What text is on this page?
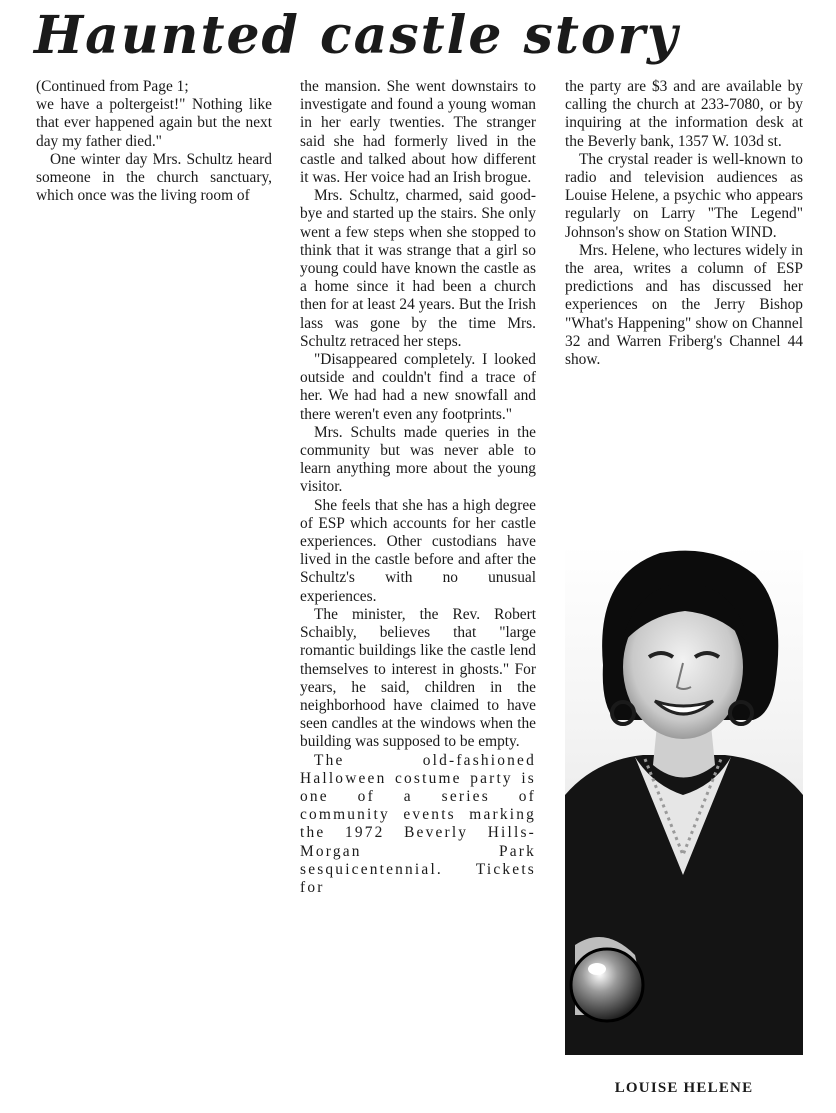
Haunted castle story

(Continued from Page 1;

we have a poltergeist!" Nothing like that ever happened again but the next day my father died."

One winter day Mrs. Schultz heard someone in the church sanctuary, which once was the living room of

the mansion. She went downstairs to investigate and found a young woman in her early twenties. The stranger said she had formerly lived in the castle and talked about how different it was. Her voice had an Irish brogue.

Mrs. Schultz, charmed, said good-bye and started up the stairs. She only went a few steps when she stopped to think that it was strange that a girl so young could have known the castle as a home since it had been a church then for at least 24 years. But the Irish lass was gone by the time Mrs. Schultz retraced her steps.

"Disappeared completely. I looked outside and couldn't find a trace of her. We had had a new snowfall and there weren't even any footprints."

Mrs. Schults made queries in the community but was never able to learn anything more about the young visitor.

She feels that she has a high degree of ESP which accounts for her castle experiences. Other custodians have lived in the castle before and after the Schultz's with no unusual experiences.

The minister, the Rev. Robert Schaibly, believes that "large romantic buildings like the castle lend themselves to interest in ghosts." For years, he said, children in the neighborhood have claimed to have seen candles at the windows when the building was supposed to be empty.

The old-fashioned Halloween costume party is one of a series of community events marking the 1972 Beverly Hills-Morgan Park sesquicentennial. Tickets for

the party are $3 and are available by calling the church at 233-7080, or by inquiring at the information desk at the Beverly bank, 1357 W. 103d st.

The crystal reader is well-known to radio and television audiences as Louise Helene, a psychic who appears regularly on Larry "The Legend" Johnson's show on Station WIND.

Mrs. Helene, who lectures widely in the area, writes a column of ESP predictions and has discussed her experiences on the Jerry Bishop "What's Happening" show on Channel 32 and Warren Friberg's Channel 44 show.

LOUISE HELENE
